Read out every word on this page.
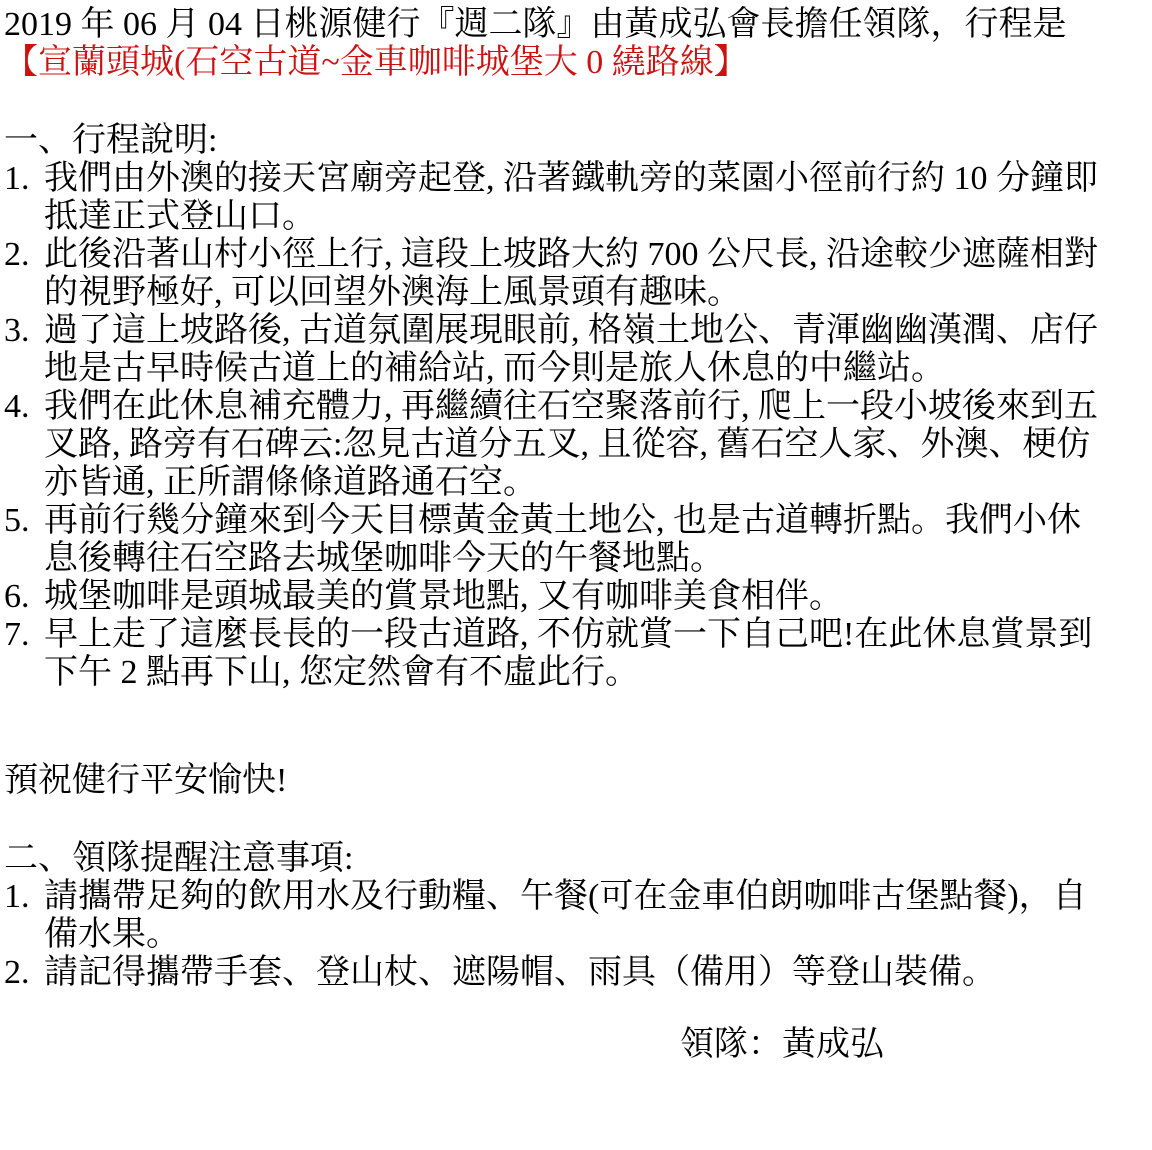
2019 年 06 月 04 日桃源健行『週二隊』由黃成弘會長擔任領隊，行程是【宣蘭頭城(石空古道~金車咖啡城堡大 0 繞路線】

一、行程說明:
1. 我們由外澳的接天宮廟旁起登, 沿著鐵軌旁的菜園小徑前行約 10 分鐘即抵達正式登山口。
2. 此後沿著山村小徑上行, 這段上坡路大約 700 公尺長, 沿途較少遮薩相對的視野極好, 可以回望外澳海上風景頭有趣味。
3. 過了這上坡路後, 古道氛圍展現眼前, 格嶺土地公、青渾幽幽漢潤、店仔地是古早時候古道上的補給站, 而今則是旅人休息的中繼站。
4. 我們在此休息補充體力, 再繼續往石空聚落前行, 爬上一段小坡後來到五叉路, 路旁有石碑云:忽見古道分五叉, 且從容, 舊石空人家、外澳、梗仿亦皆通, 正所謂條條道路通石空。
5. 再前行幾分鐘來到今天目標黃金黃土地公, 也是古道轉折點。我們小休息後轉往石空路去城堡咖啡今天的午餐地點。
6. 城堡咖啡是頭城最美的賞景地點, 又有咖啡美食相伴。
7. 早上走了這麼長長的一段古道路, 不仿就賞一下自己吧!在此休息賞景到下午 2 點再下山, 您定然會有不虛此行。

預祝健行平安愉快!

二、領隊提醒注意事項:
1. 請攜帶足夠的飲用水及行動糧、午餐(可在金車伯朗咖啡古堡點餐)，自備水果。
2. 請記得攜帶手套、登山杖、遮陽帽、雨具（備用）等登山裝備。

領隊：黃成弘
